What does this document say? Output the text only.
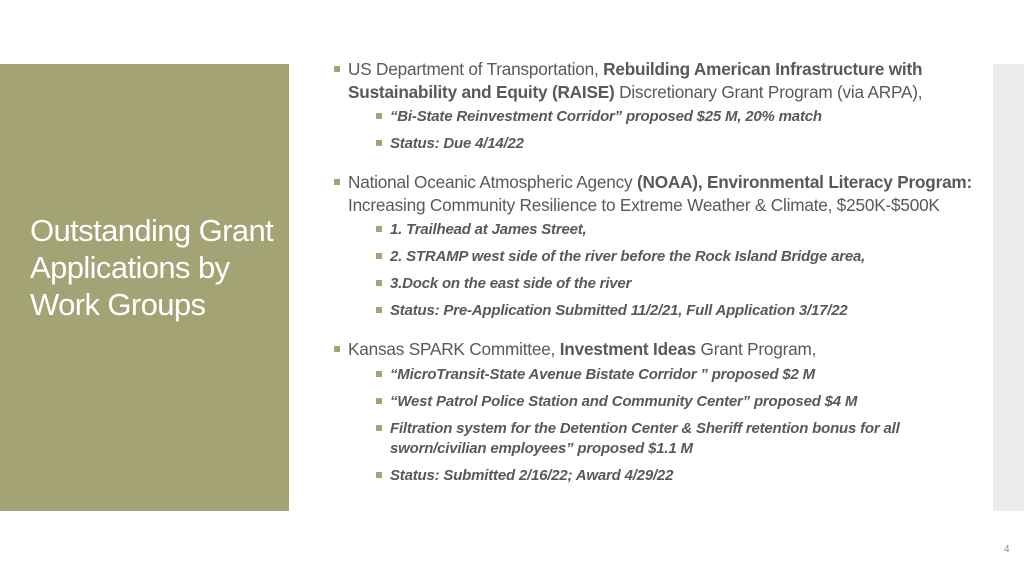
Outstanding Grant Applications by Work Groups
US Department of Transportation, Rebuilding American Infrastructure with Sustainability and Equity (RAISE) Discretionary Grant Program (via ARPA),
“Bi-State Reinvestment Corridor” proposed $25 M, 20% match
Status: Due 4/14/22
National Oceanic Atmospheric Agency (NOAA), Environmental Literacy Program: Increasing Community Resilience to Extreme Weather & Climate, $250K-$500K
1. Trailhead at James Street,
2. STRAMP west side of the river before the Rock Island Bridge area,
3.Dock on the east side of the river
Status: Pre-Application Submitted 11/2/21, Full Application 3/17/22
Kansas SPARK Committee, Investment Ideas Grant Program,
“MicroTransit-State Avenue Bistate Corridor ” proposed $2 M
“West Patrol Police Station and Community Center” proposed $4 M
Filtration system for the Detention Center & Sheriff retention bonus for all sworn/civilian employees” proposed $1.1 M
Status: Submitted 2/16/22; Award 4/29/22
4
